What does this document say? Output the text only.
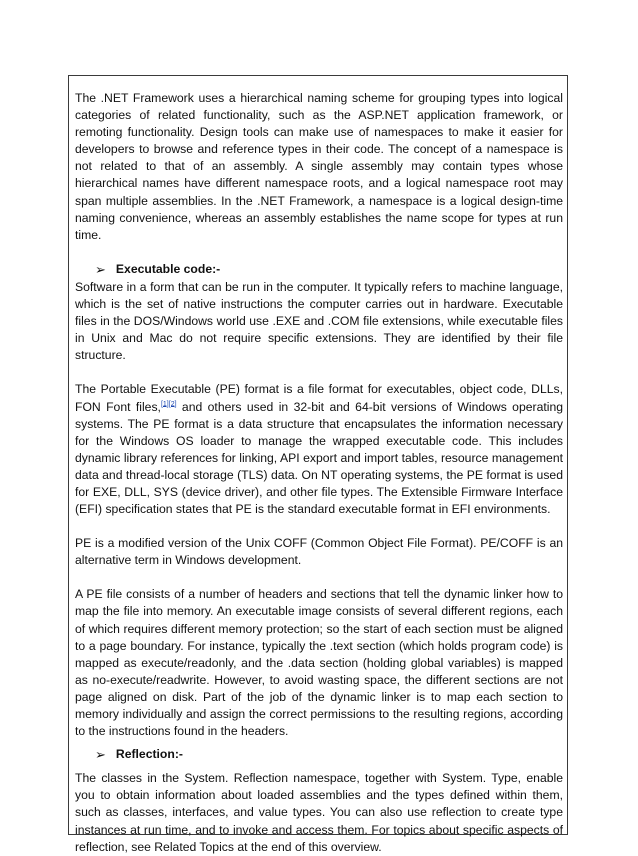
The .NET Framework uses a hierarchical naming scheme for grouping types into logical categories of related functionality, such as the ASP.NET application framework, or remoting functionality. Design tools can make use of namespaces to make it easier for developers to browse and reference types in their code. The concept of a namespace is not related to that of an assembly. A single assembly may contain types whose hierarchical names have different namespace roots, and a logical namespace root may span multiple assemblies. In the .NET Framework, a namespace is a logical design-time naming convenience, whereas an assembly establishes the name scope for types at run time.

➢ Executable code:-

Software in a form that can be run in the computer. It typically refers to machine language, which is the set of native instructions the computer carries out in hardware. Executable files in the DOS/Windows world use .EXE and .COM file extensions, while executable files in Unix and Mac do not require specific extensions. They are identified by their file structure.

The Portable Executable (PE) format is a file format for executables, object code, DLLs, FON Font files,[1][2] and others used in 32-bit and 64-bit versions of Windows operating systems. The PE format is a data structure that encapsulates the information necessary for the Windows OS loader to manage the wrapped executable code. This includes dynamic library references for linking, API export and import tables, resource management data and thread-local storage (TLS) data. On NT operating systems, the PE format is used for EXE, DLL, SYS (device driver), and other file types. The Extensible Firmware Interface (EFI) specification states that PE is the standard executable format in EFI environments.

PE is a modified version of the Unix COFF (Common Object File Format). PE/COFF is an alternative term in Windows development.

A PE file consists of a number of headers and sections that tell the dynamic linker how to map the file into memory. An executable image consists of several different regions, each of which requires different memory protection; so the start of each section must be aligned to a page boundary. For instance, typically the .text section (which holds program code) is mapped as execute/readonly, and the .data section (holding global variables) is mapped as no-execute/readwrite. However, to avoid wasting space, the different sections are not page aligned on disk. Part of the job of the dynamic linker is to map each section to memory individually and assign the correct permissions to the resulting regions, according to the instructions found in the headers.

➢ Reflection:-

The classes in the System. Reflection namespace, together with System. Type, enable you to obtain information about loaded assemblies and the types defined within them, such as classes, interfaces, and value types. You can also use reflection to create type instances at run time, and to invoke and access them. For topics about specific aspects of reflection, see Related Topics at the end of this overview.
